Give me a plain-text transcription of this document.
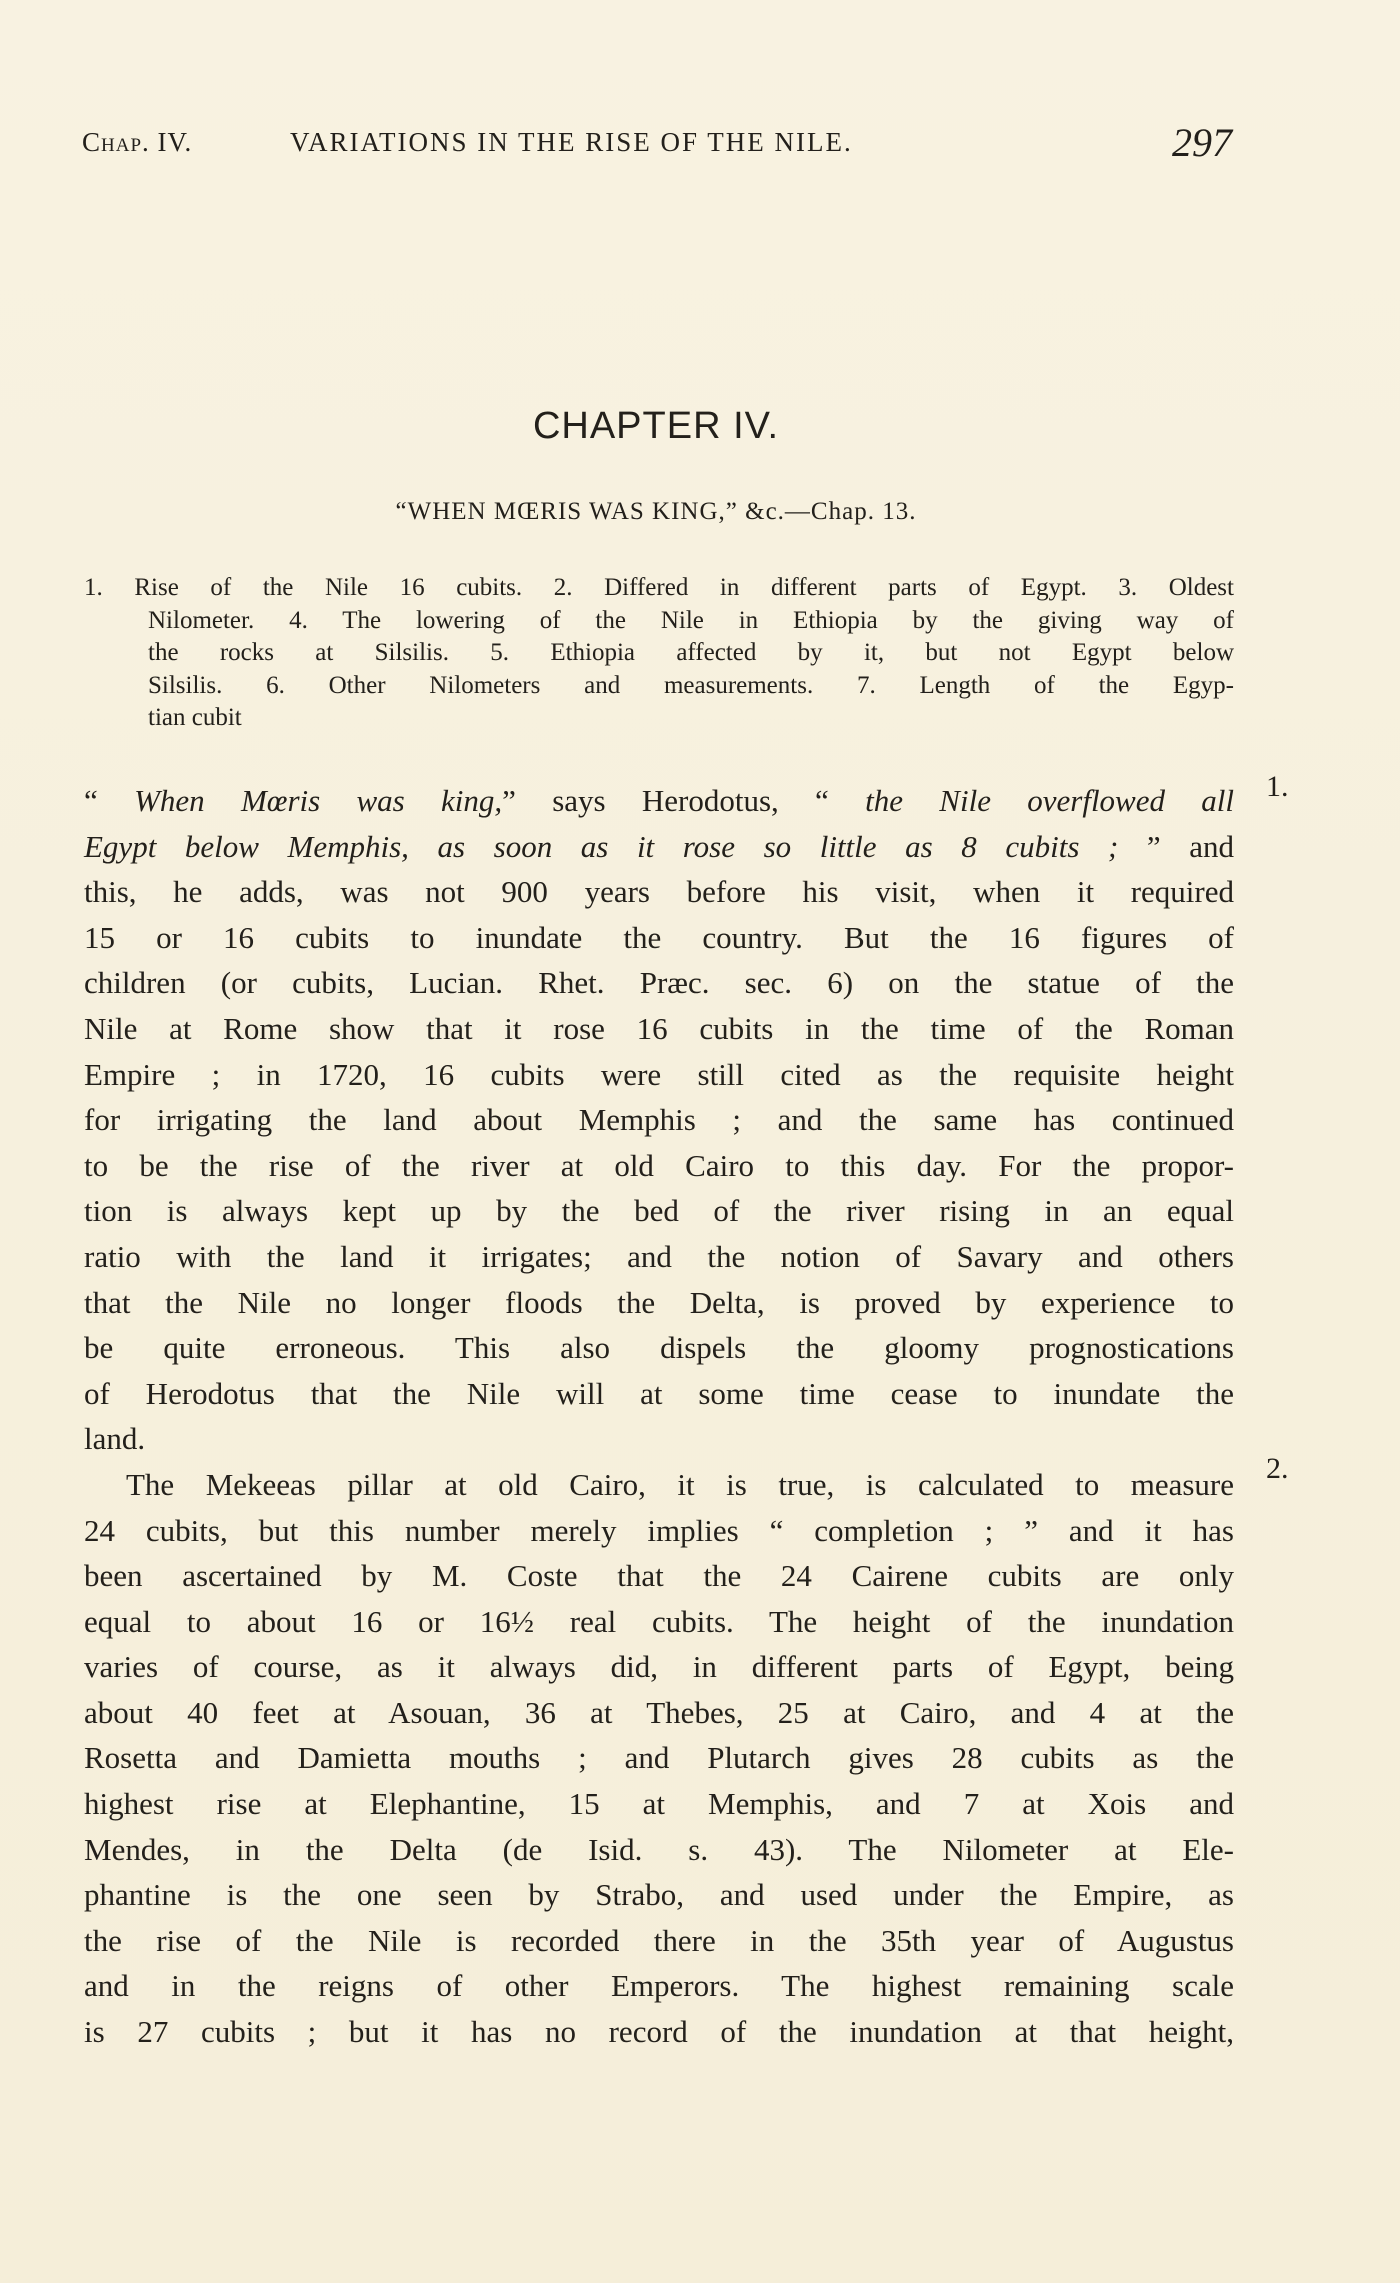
Chap. IV.	VARIATIONS IN THE RISE OF THE NILE.	297
CHAPTER IV.
“WHEN MŒRIS WAS KING,” &c.—Chap. 13.
1. Rise of the Nile 16 cubits. 2. Differed in different parts of Egypt. 3. Oldest
Nilometer. 4. The lowering of the Nile in Ethiopia by the giving way of
the rocks at Silsilis. 5. Ethiopia affected by it, but not Egypt below
Silsilis. 6. Other Nilometers and measurements. 7. Length of the Egyp-
tian cubit
“ When Mœris was king,” says Herodotus, “ the Nile overflowed all
Egypt below Memphis, as soon as it rose so little as 8 cubits ; ” and
this, he adds, was not 900 years before his visit, when it required
15 or 16 cubits to inundate the country. But the 16 figures of
children (or cubits, Lucian. Rhet. Præc. sec. 6) on the statue of the
Nile at Rome show that it rose 16 cubits in the time of the Roman
Empire ; in 1720, 16 cubits were still cited as the requisite height
for irrigating the land about Memphis ; and the same has continued
to be the rise of the river at old Cairo to this day. For the propor-
tion is always kept up by the bed of the river rising in an equal
ratio with the land it irrigates; and the notion of Savary and others
that the Nile no longer floods the Delta, is proved by experience to
be quite erroneous. This also dispels the gloomy prognostications
of Herodotus that the Nile will at some time cease to inundate the
land.
The Mekeeas pillar at old Cairo, it is true, is calculated to measure
24 cubits, but this number merely implies “ completion ; ” and it has
been ascertained by M. Coste that the 24 Cairene cubits are only
equal to about 16 or 16½ real cubits. The height of the inundation
varies of course, as it always did, in different parts of Egypt, being
about 40 feet at Asouan, 36 at Thebes, 25 at Cairo, and 4 at the
Rosetta and Damietta mouths ; and Plutarch gives 28 cubits as the
highest rise at Elephantine, 15 at Memphis, and 7 at Xois and
Mendes, in the Delta (de Isid. s. 43). The Nilometer at Ele-
phantine is the one seen by Strabo, and used under the Empire, as
the rise of the Nile is recorded there in the 35th year of Augustus
and in the reigns of other Emperors. The highest remaining scale
is 27 cubits ; but it has no record of the inundation at that height,
1.
2.
